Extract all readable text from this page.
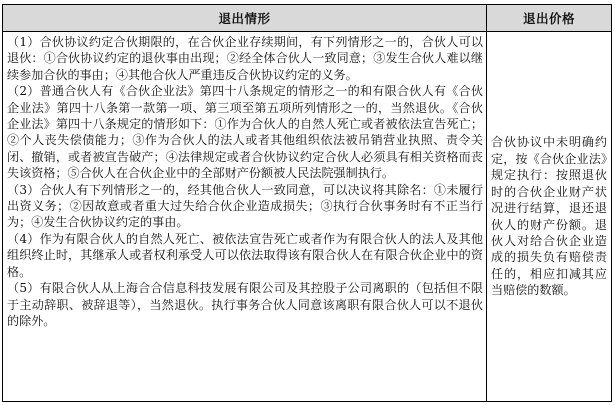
退出情形	退出价格

（1）合伙协议约定合伙期限的，在合伙企业存续期间，有下列情形之一的，合伙人可以退伙：①合伙协议约定的退伙事由出现；②经全体合伙人一致同意；③发生合伙人难以继续参加合伙的事由；④其他合伙人严重违反合伙协议约定的义务。

（2）普通合伙人有《合伙企业法》第四十八条规定的情形之一的和有限合伙人有《合伙企业法》第四十八条第一款第一项、第三项至第五项所列情形之一的，当然退伙。《合伙企业法》第四十八条规定的情形如下：①作为合伙人的自然人死亡或者被依法宣告死亡；②个人丧失偿债能力；③作为合伙人的法人或者其他组织依法被吊销营业执照、责令关闭、撤销，或者被宣告破产；④法律规定或者合伙协议约定合伙人必须具有相关资格而丧失该资格；⑤合伙人在合伙企业中的全部财产份额被人民法院强制执行。

（3）合伙人有下列情形之一的，经其他合伙人一致同意，可以决议将其除名：①未履行出资义务；②因故意或者重大过失给合伙企业造成损失；③执行合伙事务时有不正当行为；④发生合伙协议约定的事由。

（4）作为有限合伙人的自然人死亡、被依法宣告死亡或者作为有限合伙人的法人及其他组织终止时，其继承人或者权利承受人可以依法取得该有限合伙人在有限合伙企业中的资格。

（5）有限合伙人从上海合合信息科技发展有限公司及其控股子公司离职的（包括但不限于主动辞职、被辞退等），当然退伙。执行事务合伙人同意该离职有限合伙人可以不退伙的除外。	合伙协议中未明确约定，按《合伙企业法》规定执行：按照退伙时的合伙企业财产状况进行结算，退还退伙人的财产份额。退伙人对给合伙企业造成的损失负有赔偿责任的，相应扣减其应当赔偿的数额。
